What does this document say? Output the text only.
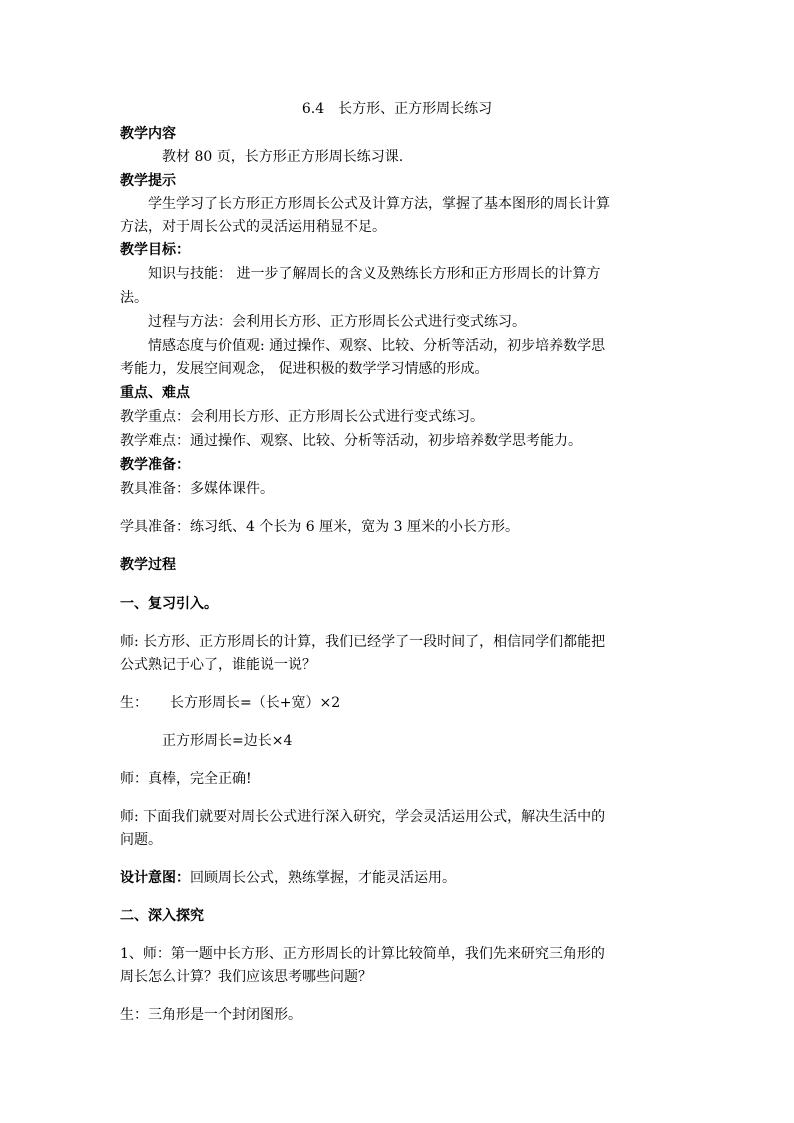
6.4　长方形、正方形周长练习
教学内容
教材 80 页，长方形正方形周长练习课.
教学提示
学生学习了长方形正方形周长公式及计算方法，掌握了基本图形的周长计算
方法，对于周长公式的灵活运用稍显不足。
教学目标：
知识与技能： 进一步了解周长的含义及熟练长方形和正方形周长的计算方
法。
过程与方法：会利用长方形、正方形周长公式进行变式练习。
情感态度与价值观: 通过操作、观察、比较、分析等活动，初步培养数学思
考能力，发展空间观念， 促进积极的数学学习情感的形成。
重点、难点
教学重点：会利用长方形、正方形周长公式进行变式练习。
教学难点：通过操作、观察、比较、分析等活动，初步培养数学思考能力。
教学准备：
教具准备：多媒体课件。
学具准备：练习纸、4 个长为 6 厘米，宽为 3 厘米的小长方形。
教学过程
一、复习引入。
师: 长方形、正方形周长的计算，我们已经学了一段时间了，相信同学们都能把
公式熟记于心了，谁能说一说？
生： 长方形周长=（长+宽）×2
正方形周长=边长×4
师：真棒，完全正确!
师: 下面我们就要对周长公式进行深入研究，学会灵活运用公式，解决生活中的
问题。
设计意图：回顾周长公式，熟练掌握，才能灵活运用。
二、深入探究
1、师：第一题中长方形、正方形周长的计算比较简单，我们先来研究三角形的
周长怎么计算？我们应该思考哪些问题？
生：三角形是一个封闭图形。
